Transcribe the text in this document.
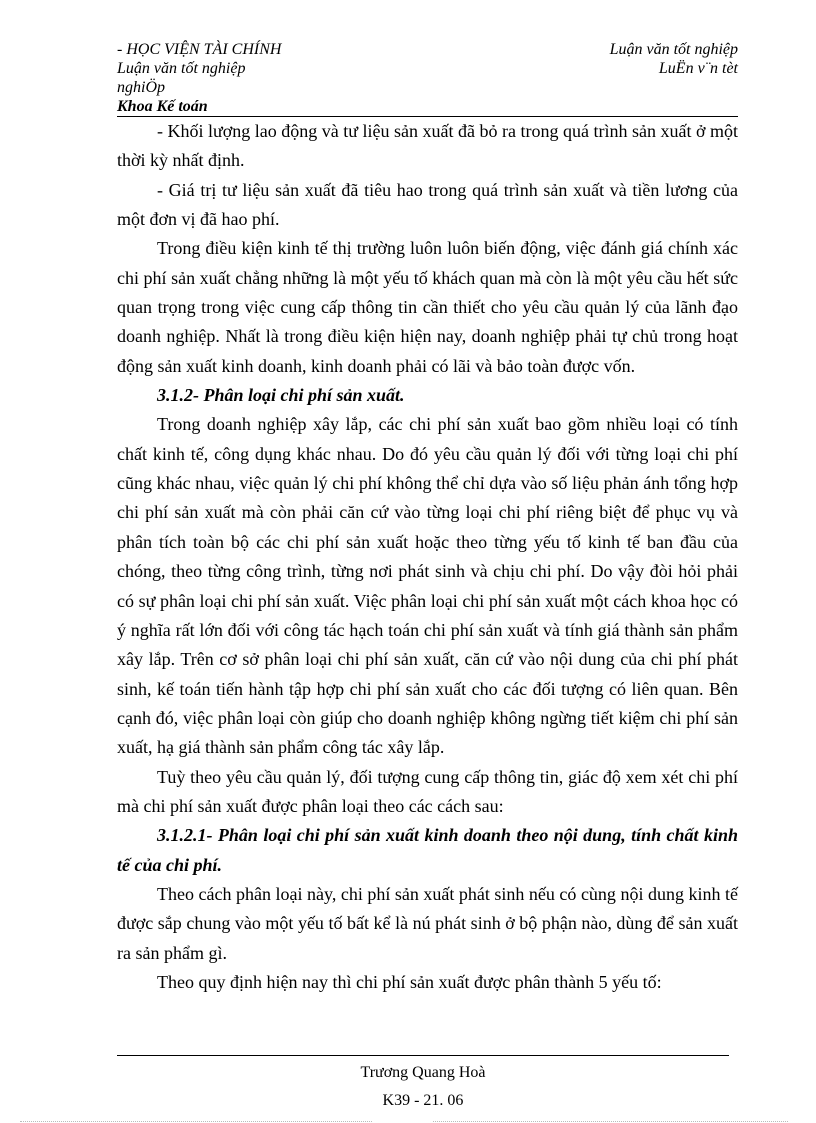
- HỌC VIỆN TÀI CHÍNH	Luận văn tốt nghiệp
Luận văn tốt nghiệp	LuËn v¨n tèt
nghiÖp
Khoa Kế toán

- Khối lượng lao động và tư liệu sản xuất đã bỏ ra trong quá trình sản xuất ở một thời kỳ nhất định.

- Giá trị tư liệu sản xuất đã tiêu hao trong quá trình sản xuất và tiền lương của một đơn vị đã hao phí.

Trong điều kiện kinh tế thị trường luôn luôn biến động, việc đánh giá chính xác chi phí sản xuất chẳng những là một yếu tố khách quan mà còn là một yêu cầu hết sức quan trọng trong việc cung cấp thông tin cần thiết cho yêu cầu quản lý của lãnh đạo doanh nghiệp. Nhất là trong điều kiện hiện nay, doanh nghiệp phải tự chủ trong hoạt động sản xuất kinh doanh, kinh doanh phải có lãi và bảo toàn được vốn.

3.1.2- Phân loại chi phí sản xuất.

Trong doanh nghiệp xây lắp, các chi phí sản xuất bao gồm nhiều loại có tính chất kinh tế, công dụng khác nhau. Do đó yêu cầu quản lý đối với từng loại chi phí cũng khác nhau, việc quản lý chi phí không thể chỉ dựa vào số liệu phản ánh tổng hợp chi phí sản xuất mà còn phải căn cứ vào từng loại chi phí riêng biệt để phục vụ và phân tích toàn bộ các chi phí sản xuất hoặc theo từng yếu tố kinh tế ban đầu của chóng, theo từng công trình, từng nơi phát sinh và chịu chi phí. Do vậy đòi hỏi phải có sự phân loại chi phí sản xuất. Việc phân loại chi phí sản xuất một cách khoa học có ý nghĩa rất lớn đối với công tác hạch toán chi phí sản xuất và tính giá thành sản phẩm xây lắp. Trên cơ sở phân loại chi phí sản xuất, căn cứ vào nội dung của chi phí phát sinh, kế toán tiến hành tập hợp chi phí sản xuất cho các đối tượng có liên quan. Bên cạnh đó, việc phân loại còn giúp cho doanh nghiệp không ngừng tiết kiệm chi phí sản xuất, hạ giá thành sản phẩm công tác xây lắp.

Tuỳ theo yêu cầu quản lý, đối tượng cung cấp thông tin, giác độ xem xét chi phí mà chi phí sản xuất được phân loại theo các cách sau:

3.1.2.1- Phân loại chi phí sản xuất kinh doanh theo nội dung, tính chất kinh tế của chi phí.

Theo cách phân loại này, chi phí sản xuất phát sinh nếu có cùng nội dung kinh tế được sắp chung vào một yếu tố bất kể là nú phát sinh ở bộ phận nào, dùng để sản xuất ra sản phẩm gì.

Theo quy định hiện nay thì chi phí sản xuất được phân thành 5 yếu tố:

Trương Quang Hoà
K39 - 21. 06
